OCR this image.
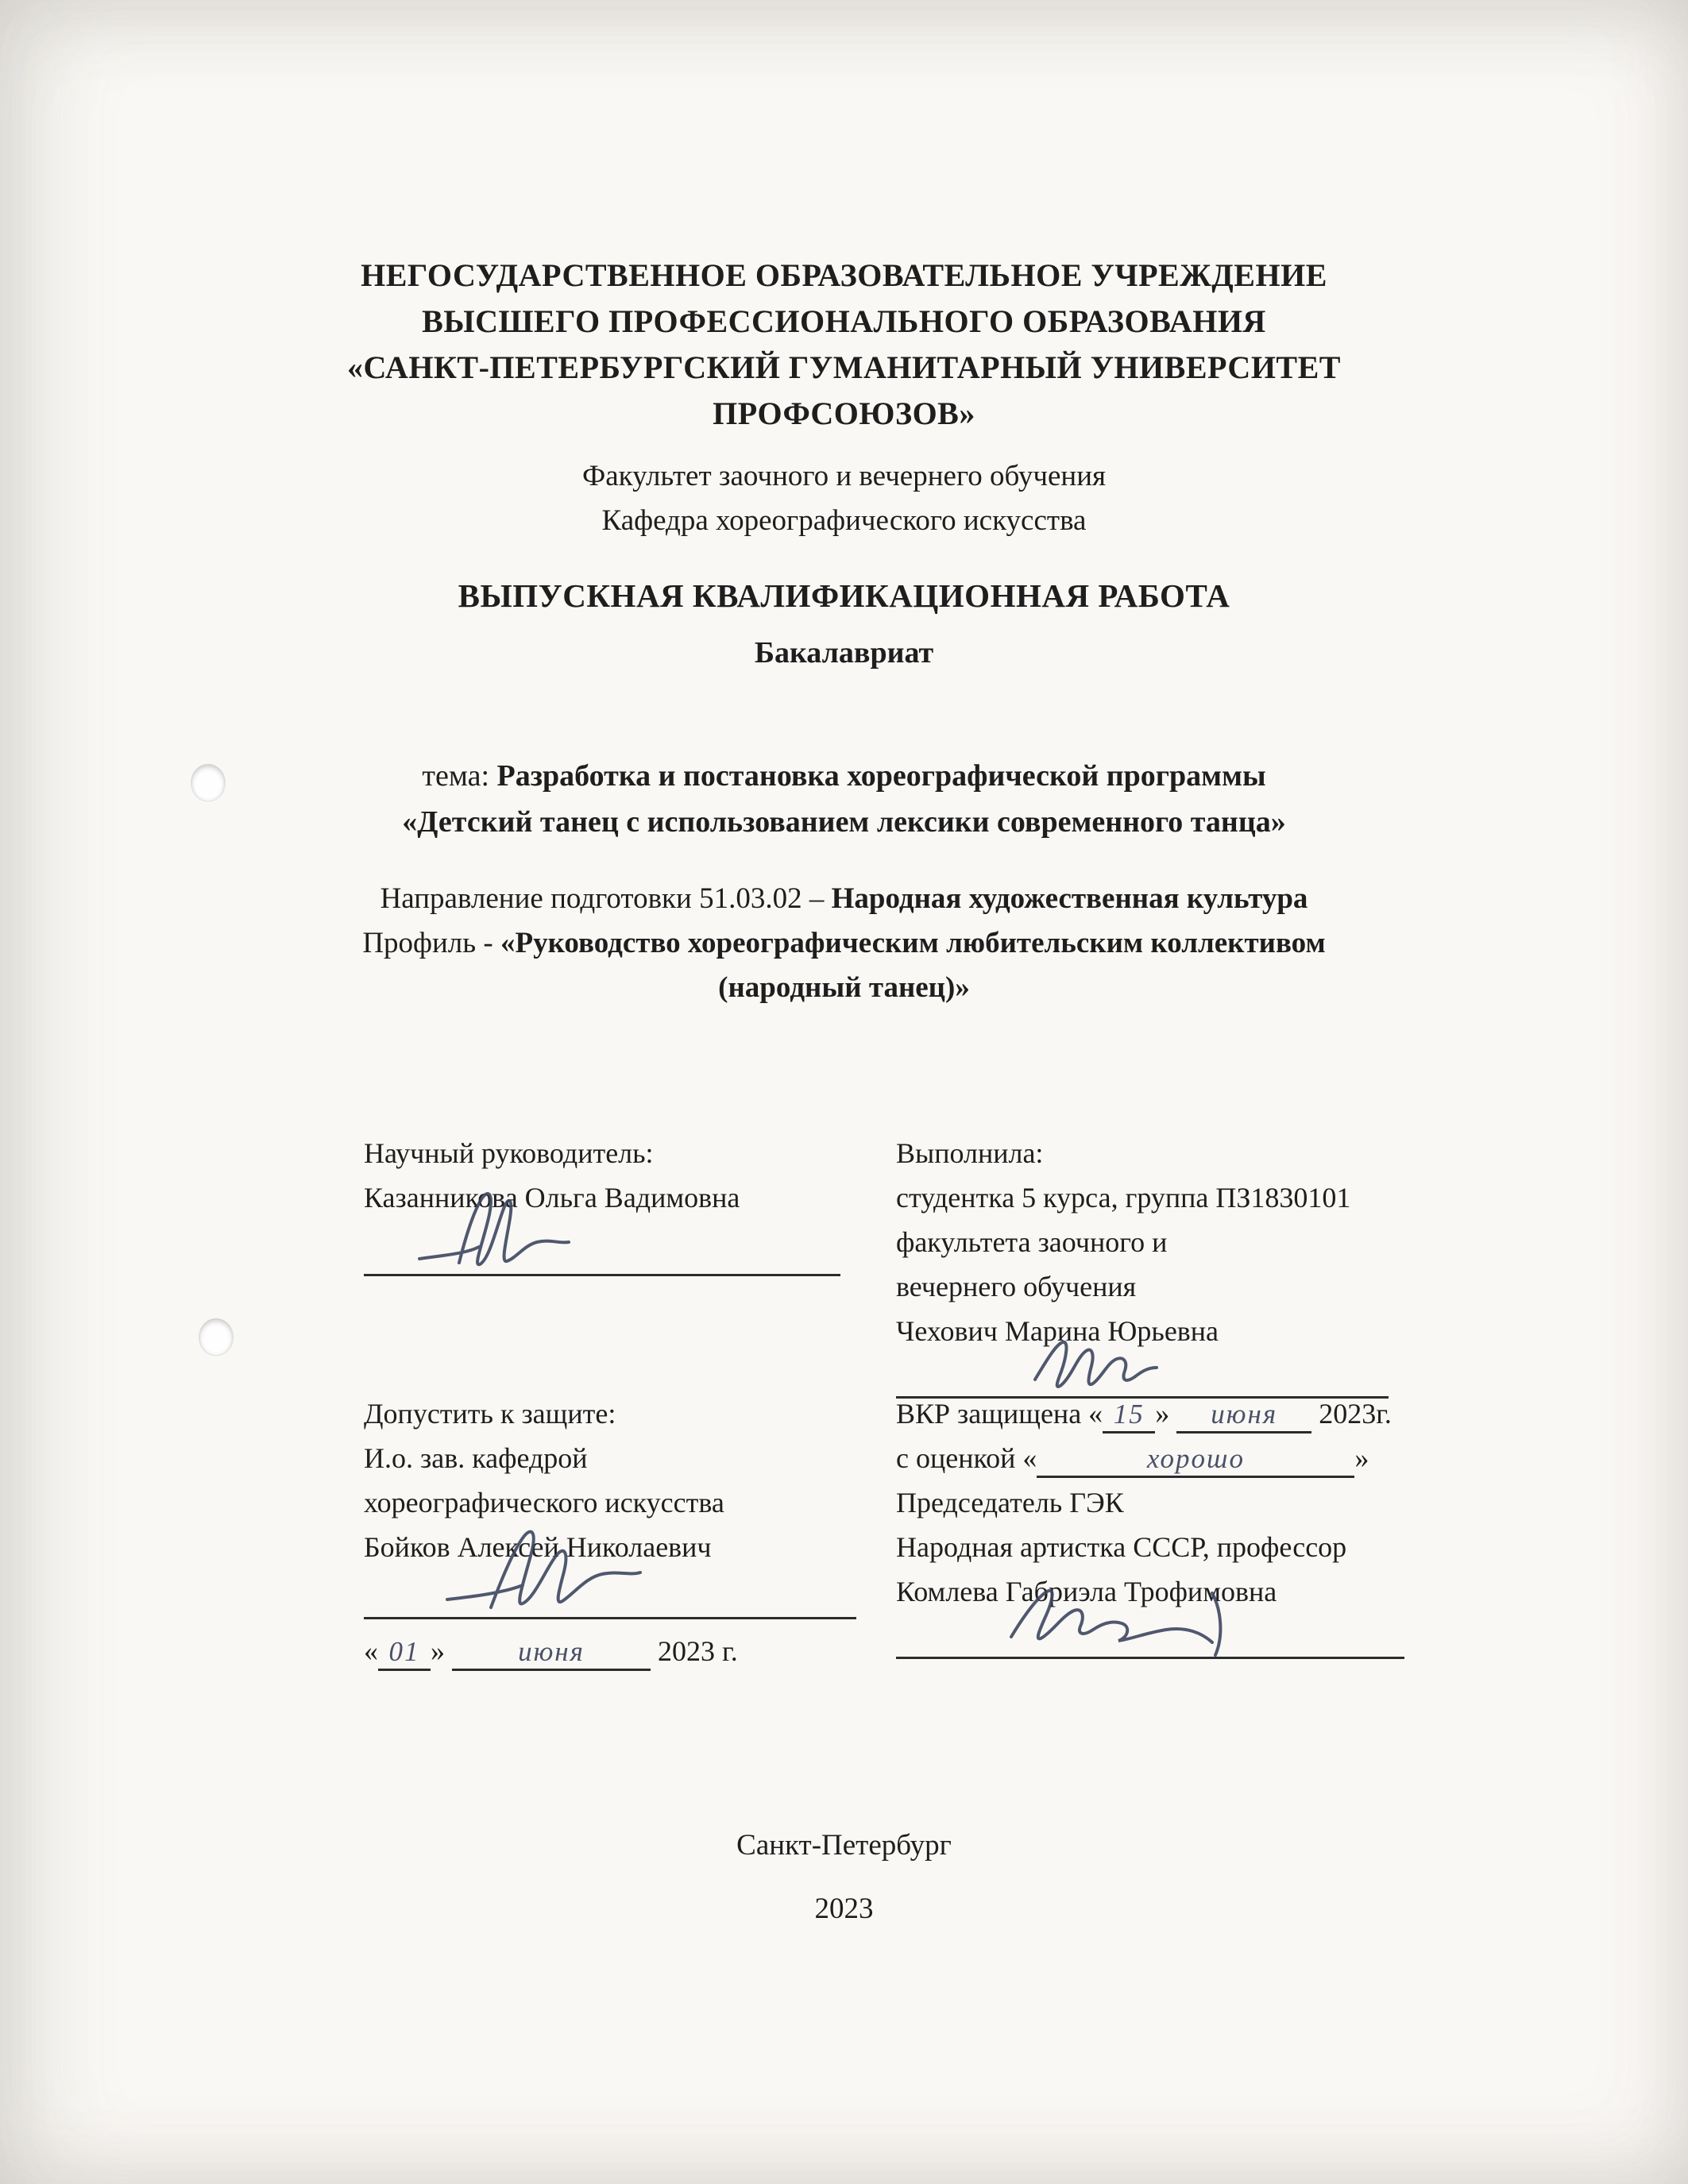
НЕГОСУДАРСТВЕННОЕ ОБРАЗОВАТЕЛЬНОЕ УЧРЕЖДЕНИЕ
ВЫСШЕГО ПРОФЕССИОНАЛЬНОГО ОБРАЗОВАНИЯ
«САНКТ-ПЕТЕРБУРГСКИЙ ГУМАНИТАРНЫЙ УНИВЕРСИТЕТ
ПРОФСОЮЗОВ»
Факультет заочного и вечернего обучения
Кафедра хореографического искусства
ВЫПУСКНАЯ КВАЛИФИКАЦИОННАЯ РАБОТА
Бакалавриат
тема: Разработка и постановка хореографической программы
«Детский танец с использованием лексики современного танца»
Направление подготовки 51.03.02 – Народная художественная культура
Профиль - «Руководство хореографическим любительским коллективом
(народный танец)»
Научный руководитель:
Казанникова Ольга Вадимовна
Выполнила:
студентка 5 курса, группа ПЗ1830101
факультета заочного и
вечернего обучения
Чехович Марина Юрьевна
Допустить к защите:
И.о. зав. кафедрой
хореографического искусства
Бойков Алексей Николаевич
« 01 »	июня	2023 г.
ВКР защищена « 15 » июня 2023г.
с оценкой «	хорошо	»
Председатель ГЭК
Народная артистка СССР, профессор
Комлева Габриэла Трофимовна
Санкт-Петербург
2023
